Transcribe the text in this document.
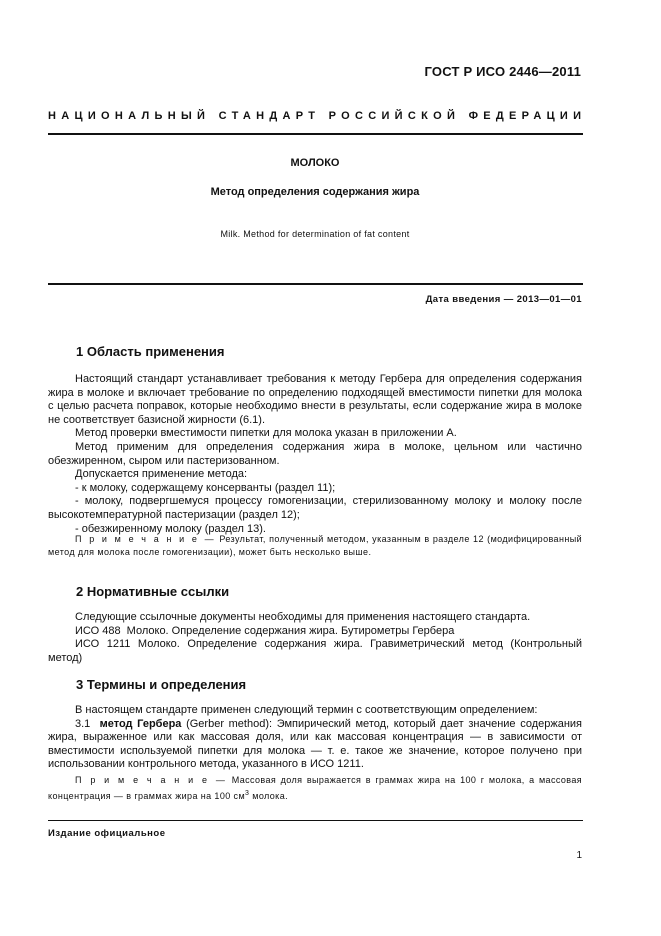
ГОСТ Р ИСО 2446—2011
НАЦИОНАЛЬНЫЙ СТАНДАРТ РОССИЙСКОЙ ФЕДЕРАЦИИ
МОЛОКО
Метод определения содержания жира
Milk. Method for determination of fat content
Дата введения — 2013—01—01
1 Область применения

Настоящий стандарт устанавливает требования к методу Гербера для определения содержания жира в молоке и включает требование по определению подходящей вместимости пипетки для молока с целью расчета поправок, которые необходимо внести в результаты, если содержание жира в молоке не соответствует базисной жирности (6.1).

Метод проверки вместимости пипетки для молока указан в приложении А.

Метод применим для определения содержания жира в молоке, цельном или частично обезжиренном, сыром или пастеризованном.

Допускается применение метода:

- к молоку, содержащему консерванты (раздел 11);

- молоку, подвергшемуся процессу гомогенизации, стерилизованному молоку и молоку после высокотемпературной пастеризации (раздел 12);

- обезжиренному молоку (раздел 13).

П р и м е ч а н и е — Результат, полученный методом, указанным в разделе 12 (модифицированный метод для молока после гомогенизации), может быть несколько выше.
2 Нормативные ссылки

Следующие ссылочные документы необходимы для применения настоящего стандарта.

ИСО 488  Молоко. Определение содержания жира. Бутирометры Гербера

ИСО 1211 Молоко. Определение содержания жира. Гравиметрический метод (Контрольный метод)

3 Термины и определения

В настоящем стандарте применен следующий термин с соответствующим определением:

3.1 метод Гербера (Gerber method): Эмпирический метод, который дает значение содержания жира, выраженное или как массовая доля, или как массовая концентрация — в зависимости от вместимости используемой пипетки для молока — т. е. такое же значение, которое получено при использовании контрольного метода, указанного в ИСО 1211.

П р и м е ч а н и е — Массовая доля выражается в граммах жира на 100 г молока, а массовая концентрация — в граммах жира на 100 $см^3$ молока.
Издание официальное
1
